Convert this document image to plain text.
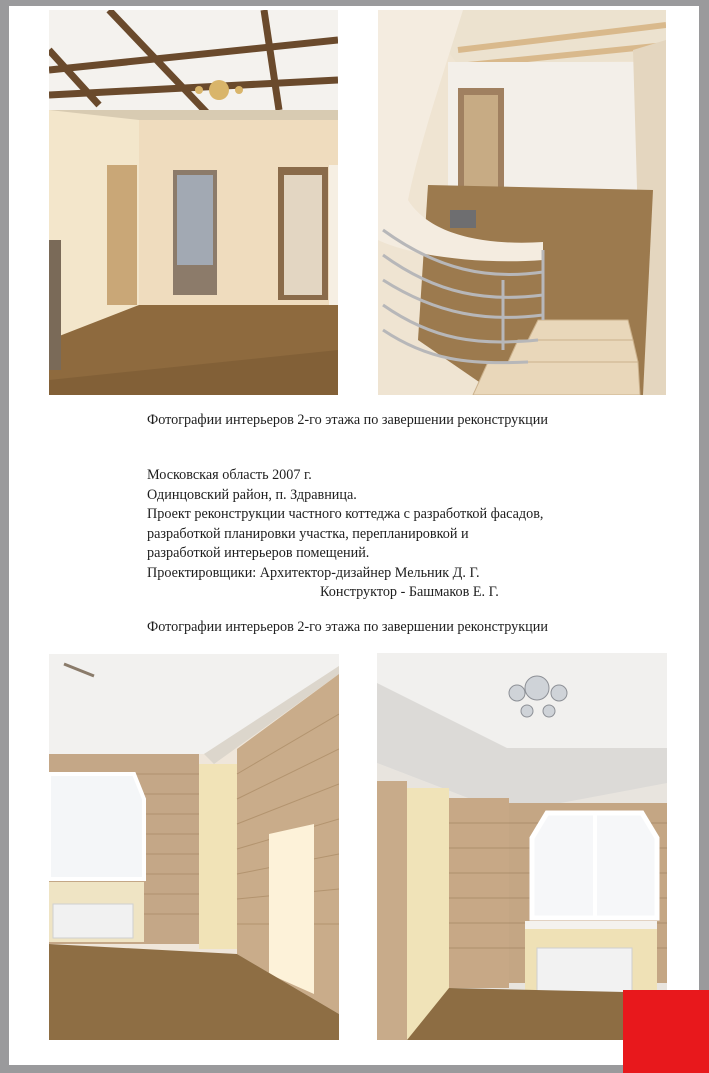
Фотографии интерьеров 2-го этажа по завершении реконструкции
Московская область 2007 г.
Одинцовский район, п. Здравница.
Проект реконструкции частного коттеджа с разработкой фасадов,
разработкой планировки участка, перепланировкой и
разработкой интерьеров помещений.
Проектировщики: Архитектор-дизайнер Мельник Д. Г.
Конструктор - Башмаков Е. Г.
Фотографии интерьеров 2-го этажа по завершении реконструкции
